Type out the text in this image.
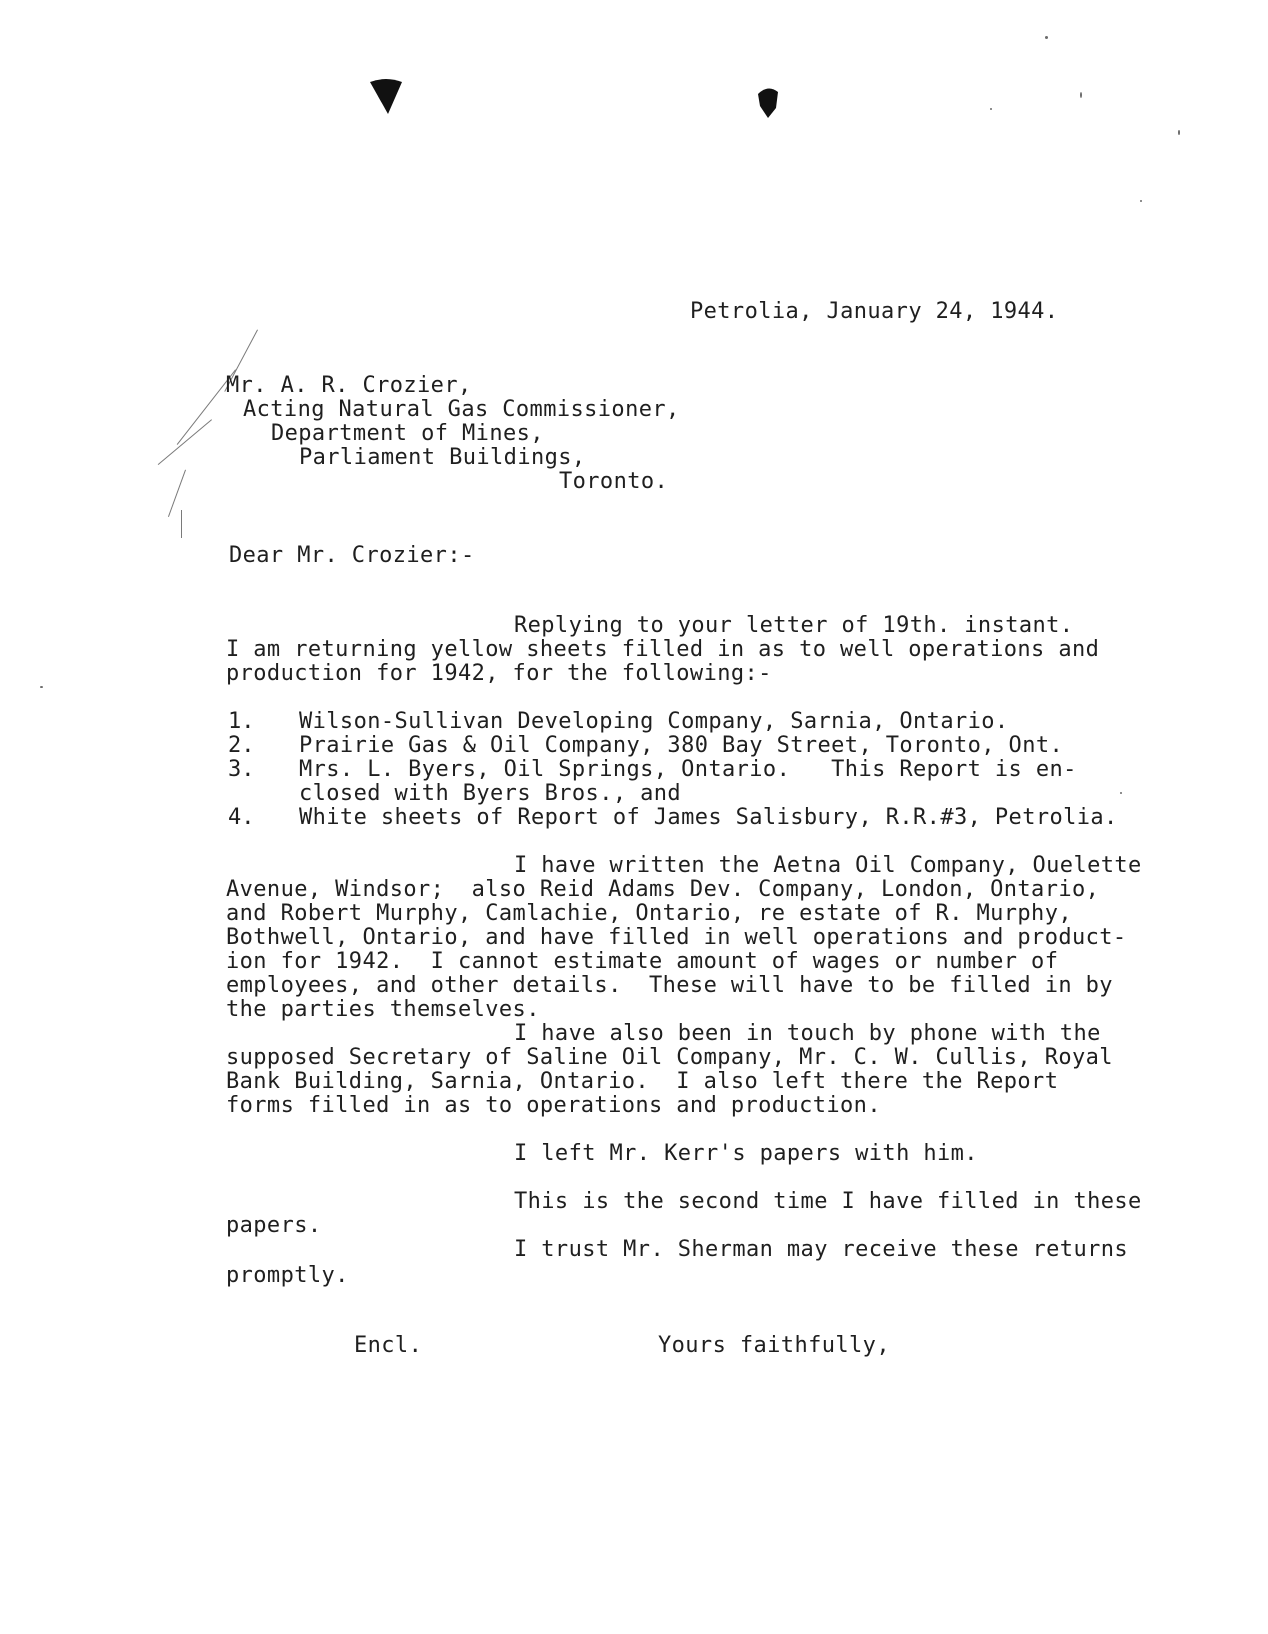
Petrolia, January 24, 1944.

Mr. A. R. Crozier,

Acting Natural Gas Commissioner,

Department of Mines,

Parliament Buildings,

Toronto.

Dear Mr. Crozier:-

Replying to your letter of 19th. instant.

I am returning yellow sheets filled in as to well operations and

production for 1942, for the following:-

1. Wilson-Sullivan Developing Company, Sarnia, Ontario.

2. Prairie Gas & Oil Company, 380 Bay Street, Toronto, Ont.

3. Mrs. L. Byers, Oil Springs, Ontario.   This Report is en-

closed with Byers Bros., and

4. White sheets of Report of James Salisbury, R.R.#3, Petrolia.

I have written the Aetna Oil Company, Ouelette

Avenue, Windsor;  also Reid Adams Dev. Company, London, Ontario,

and Robert Murphy, Camlachie, Ontario, re estate of R. Murphy,

Bothwell, Ontario, and have filled in well operations and product-

ion for 1942.  I cannot estimate amount of wages or number of

employees, and other details.  These will have to be filled in by

the parties themselves.

I have also been in touch by phone with the

supposed Secretary of Saline Oil Company, Mr. C. W. Cullis, Royal

Bank Building, Sarnia, Ontario.  I also left there the Report

forms filled in as to operations and production.

I left Mr. Kerr's papers with him.

This is the second time I have filled in these

papers.

I trust Mr. Sherman may receive these returns

promptly.

Encl.	Yours faithfully,
